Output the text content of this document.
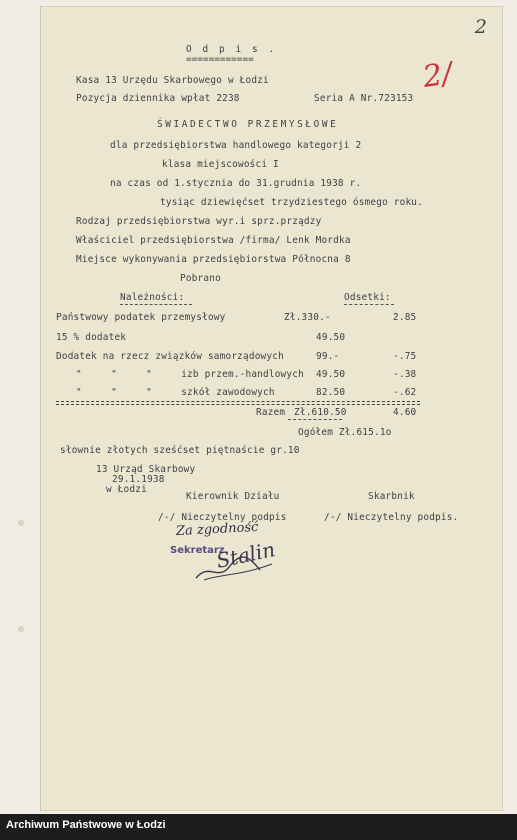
2
2/
O d p i s .
============
Kasa 13 Urzędu Skarbowego w Łodzi
Pozycja dziennika wpłat 2238	Seria A Nr.723153
ŚWIADECTWO PRZEMYSŁOWE
dla przedsiębiorstwa handlowego kategorji 2
klasa miejscowości I
na czas od 1.stycznia do 31.grudnia 1938 r.
tysiąc dziewięćset trzydziestego ósmego roku.
Rodzaj przedsiębiorstwa wyr.i sprz.prządzy
Właściciel przedsiębiorstwa /firma/ Lenk Mordka
Miejsce wykonywania przedsiębiorstwa Północna 8
Pobrano
Należności:	Odsetki:
Państwowy podatek przemysłowy	Zł.330.-	2.85
15 % dodatek	49.50
Dodatek na rzecz związków samorządowych	99.-	-.75
"     "     "     izb przem.-handlowych 49.50	-.38
"     "     "     szkół zawodowych	82.50	-.62
Razem Zł.610.50	4.60
Ogółem Zł.615.1o
słownie złotych sześćset piętnaście gr.10
13 Urząd Skarbowy
29.1.1938
w Łodzi
Kierownik Działu	Skarbnik
/-/ Nieczytelny podpis	/-/ Nieczytelny podpis.
Za zgodność
Sekretarz
Stalin
Archiwum Państwowe w Łodzi
